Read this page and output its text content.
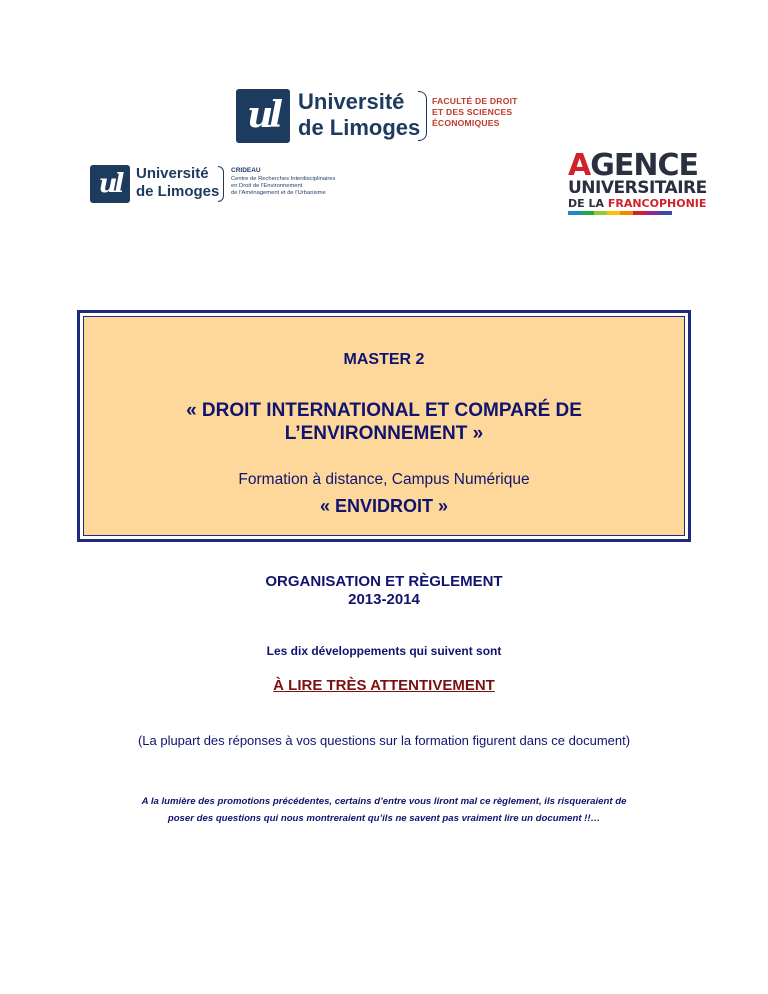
ul Université
de Limoges
FACULTÉ DE DROIT
ET DES SCIENCES
ÉCONOMIQUES
ul Université
de Limoges
CRIDEAU
Centre de Recherches Interdisciplinaires
en Droit de l'Environnement
de l'Aménagement et de l'Urbanisme
AGENCE
UNIVERSITAIRE
DE LA FRANCOPHONIE
MASTER 2
« DROIT INTERNATIONAL ET COMPARÉ DE
L’ENVIRONNEMENT »
Formation à distance, Campus Numérique
« ENVIDROIT »
ORGANISATION ET RÈGLEMENT
2013-2014
Les dix développements qui suivent sont
À LIRE TRÈS ATTENTIVEMENT
(La plupart des réponses à vos questions sur la formation figurent dans ce document)
A la lumière des promotions précédentes, certains d’entre vous liront mal ce règlement, ils risqueraient de
poser des questions qui nous montreraient qu’ils ne savent pas vraiment lire un document !!…
